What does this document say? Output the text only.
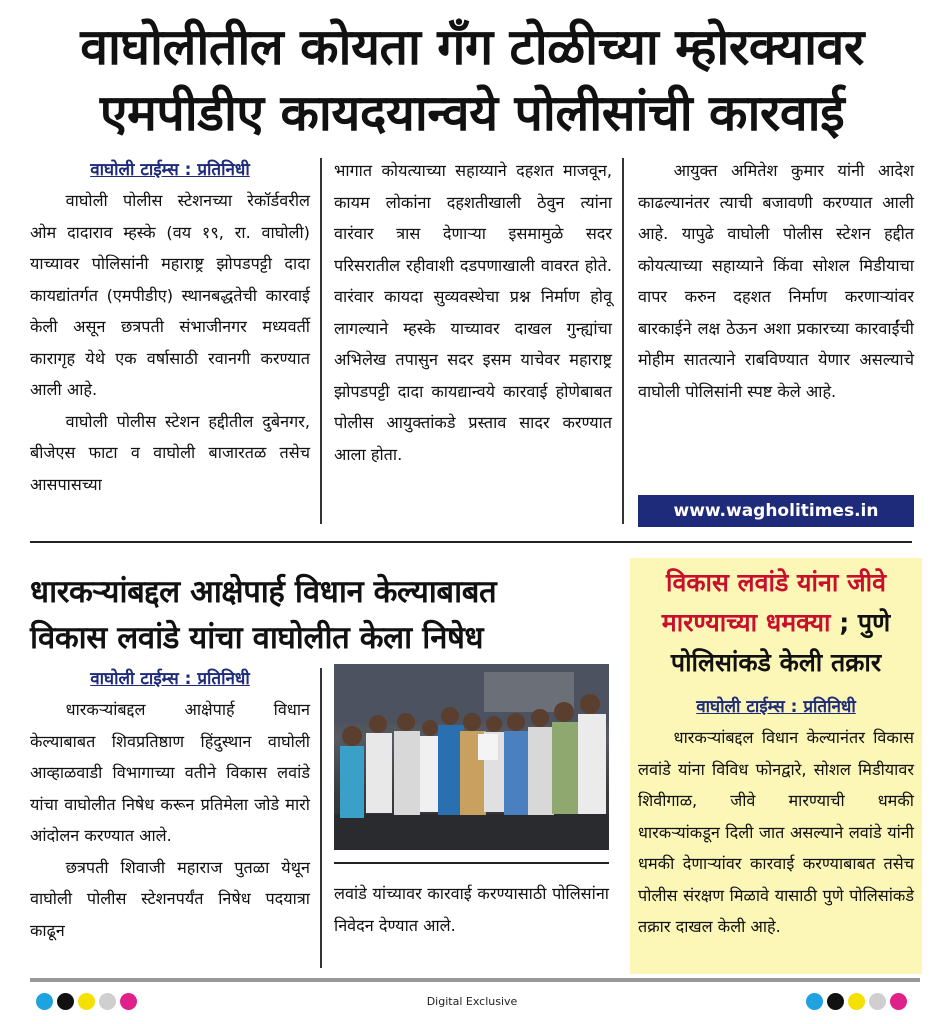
वाघोलीतील कोयता गँग टोळीच्या म्होरक्यावर
एमपीडीए कायदयान्वये पोलीसांची कारवाई
वाघोली टाईम्स : प्रतिनिधी

वाघोली पोलीस स्टेशनच्या रेकॉर्डवरील ओम दादाराव म्हस्के (वय १९, रा. वाघोली) याच्यावर पोलिसांनी महाराष्ट्र झोपडपट्टी दादा कायद्यांतर्गत (एमपीडीए) स्थानबद्धतेची कारवाई केली असून छत्रपती संभाजीनगर मध्यवर्ती कारागृह येथे एक वर्षासाठी रवानगी करण्यात आली आहे.

वाघोली पोलीस स्टेशन हद्दीतील दुबेनगर, बीजेएस फाटा व वाघोली बाजारतळ तसेच आसपासच्या

भागात कोयत्याच्या सहाय्याने दहशत माजवून, कायम लोकांना दहशतीखाली ठेवुन त्यांना वारंवार त्रास देणाऱ्या इसमामुळे सदर परिसरातील रहीवाशी दडपणाखाली वावरत होते. वारंवार कायदा सुव्यवस्थेचा प्रश्न निर्माण होवू लागल्याने म्हस्के याच्यावर दाखल गुन्ह्यांचा अभिलेख तपासुन सदर इसम याचेवर महाराष्ट्र झोपडपट्टी दादा कायद्यान्वये कारवाई होणेबाबत पोलीस आयुक्तांकडे प्रस्ताव सादर करण्यात आला होता.

आयुक्त अमितेश कुमार यांनी आदेश काढल्यानंतर त्याची बजावणी करण्यात आली आहे. यापुढे वाघोली पोलीस स्टेशन हद्दीत कोयत्याच्या सहाय्याने किंवा सोशल मिडीयाचा वापर करुन दहशत निर्माण करणाऱ्यांवर बारकाईने लक्ष ठेऊन अशा प्रकारच्या कारवाईंची मोहीम सातत्याने राबविण्यात येणार असल्याचे वाघोली पोलिसांनी स्पष्ट केले आहे.

www.wagholitimes.in
धारकऱ्यांबद्दल आक्षेपार्ह विधान केल्याबाबत
विकास लवांडे यांचा वाघोलीत केला निषेध
वाघोली टाईम्स : प्रतिनिधी

धारकऱ्यांबद्दल आक्षेपार्ह विधान केल्याबाबत शिवप्रतिष्ठाण हिंदुस्थान वाघोली आव्हाळवाडी विभागाच्या वतीने विकास लवांडे यांचा वाघोलीत निषेध करून प्रतिमेला जोडे मारो आंदोलन करण्यात आले.

छत्रपती शिवाजी महाराज पुतळा येथून वाघोली पोलीस स्टेशनपर्यंत निषेध पदयात्रा काढून

लवांडे यांच्यावर कारवाई करण्यासाठी पोलिसांना निवेदन देण्यात आले.

विकास लवांडे यांना जीवे
मारण्याच्या धमक्या ; पुणे
पोलिसांकडे केली तक्रार
वाघोली टाईम्स : प्रतिनिधी

धारकऱ्यांबद्दल विधान केल्यानंतर विकास लवांडे यांना विविध फोनद्वारे, सोशल मिडीयावर शिवीगाळ, जीवे मारण्याची धमकी धारकऱ्यांकडून दिली जात असल्याने लवांडे यांनी धमकी देणाऱ्यांवर कारवाई करण्याबाबत तसेच पोलीस संरक्षण मिळावे यासाठी पुणे पोलिसांकडे तक्रार दाखल केली आहे.

Digital Exclusive
